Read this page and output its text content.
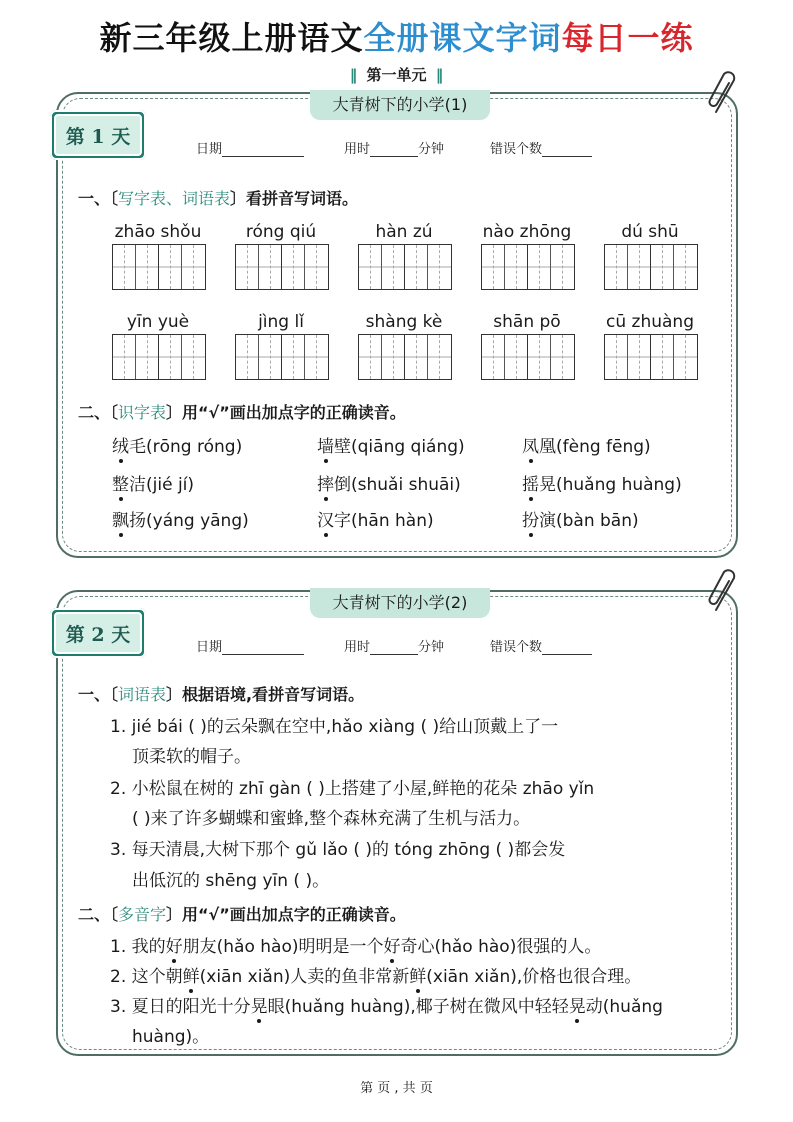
新三年级上册语文全册课文字词每日一练
‖ 第一单元 ‖
大青树下的小学(1)
第 1 天
日期	用时	分钟	错误个数
一、〔写字表、词语表〕看拼音写词语。
zhāo shǒu	róng qiú	hàn zú	nào zhōng	dú shū
yīn yuè	jìng lǐ	shàng kè	shān pō	cū zhuàng
二、〔识字表〕用“√”画出加点字的正确读音。
绒毛(rōng róng)	墙壁(qiāng qiáng)	凤凰(fèng fēng)
整洁(jié jí)	摔倒(shuǎi shuāi)	摇晃(huǎng huàng)
飘扬(yáng yāng)	汉字(hān hàn)	扮演(bàn bān)
大青树下的小学(2)
第 2 天
日期	用时	分钟	错误个数
一、〔词语表〕根据语境,看拼音写词语。
1. jié bái ( )的云朵飘在空中,hǎo xiàng ( )给山顶戴上了一
顶柔软的帽子。
2. 小松鼠在树的 zhī gàn ( )上搭建了小屋,鲜艳的花朵 zhāo yǐn
( )来了许多蝴蝶和蜜蜂,整个森林充满了生机与活力。
3. 每天清晨,大树下那个 gǔ lǎo ( )的 tóng zhōng ( )都会发
出低沉的 shēng yīn ( )。
二、〔多音字〕用“√”画出加点字的正确读音。
1. 我的好朋友(hǎo hào)明明是一个好奇心(hǎo hào)很强的人。
2. 这个朝鲜(xiān xiǎn)人卖的鱼非常新鲜(xiān xiǎn),价格也很合理。
3. 夏日的阳光十分晃眼(huǎng huàng),椰子树在微风中轻轻晃动(huǎng
huàng)。
第 页 , 共 页
